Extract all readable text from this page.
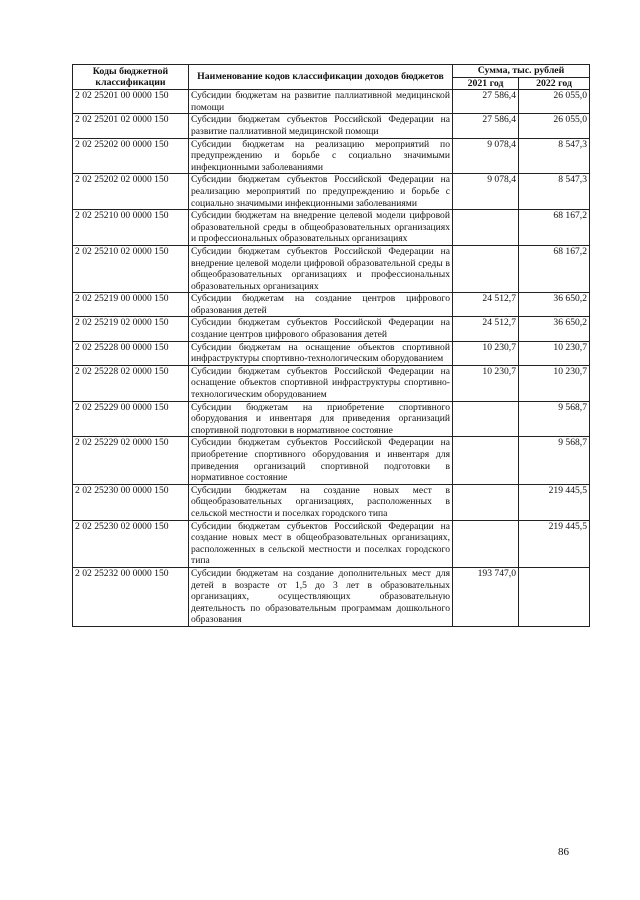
Коды бюджетной классификации	Наименование кодов классификации доходов бюджетов	Сумма, тыс. рублей	
		2021 год	2022 год
2 02 25201 00 0000 150	Субсидии бюджетам на развитие паллиативной медицинской помощи	27 586,4	26 055,0
2 02 25201 02 0000 150	Субсидии бюджетам субъектов Российской Федерации на развитие паллиативной медицинской помощи	27 586,4	26 055,0
2 02 25202 00 0000 150	Субсидии бюджетам на реализацию мероприятий по предупреждению и борьбе с социально значимыми инфекционными заболеваниями	9 078,4	8 547,3
2 02 25202 02 0000 150	Субсидии бюджетам субъектов Российской Федерации на реализацию мероприятий по предупреждению и борьбе с социально значимыми инфекционными заболеваниями	9 078,4	8 547,3
2 02 25210 00 0000 150	Субсидии бюджетам на внедрение целевой модели цифровой образовательной среды в общеобразовательных организациях и профессиональных образовательных организациях		68 167,2
2 02 25210 02 0000 150	Субсидии бюджетам субъектов Российской Федерации на внедрение целевой модели цифровой образовательной среды в общеобразовательных организациях и профессиональных образовательных организациях		68 167,2
2 02 25219 00 0000 150	Субсидии бюджетам на создание центров цифрового образования детей	24 512,7	36 650,2
2 02 25219 02 0000 150	Субсидии бюджетам субъектов Российской Федерации на создание центров цифрового образования детей	24 512,7	36 650,2
2 02 25228 00 0000 150	Субсидии бюджетам на оснащение объектов спортивной инфраструктуры спортивно-технологическим оборудованием	10 230,7	10 230,7
2 02 25228 02 0000 150	Субсидии бюджетам субъектов Российской Федерации на оснащение объектов спортивной инфраструктуры спортивно-технологическим оборудованием	10 230,7	10 230,7
2 02 25229 00 0000 150	Субсидии бюджетам на приобретение спортивного оборудования и инвентаря для приведения организаций спортивной подготовки в нормативное состояние		9 568,7
2 02 25229 02 0000 150	Субсидии бюджетам субъектов Российской Федерации на приобретение спортивного оборудования и инвентаря для приведения организаций спортивной подготовки в нормативное состояние		9 568,7
2 02 25230 00 0000 150	Субсидии бюджетам на создание новых мест в общеобразовательных организациях, расположенных в сельской местности и поселках городского типа		219 445,5
2 02 25230 02 0000 150	Субсидии бюджетам субъектов Российской Федерации на создание новых мест в общеобразовательных организациях, расположенных в сельской местности и поселках городского типа		219 445,5
2 02 25232 00 0000 150	Субсидии бюджетам на создание дополнительных мест для детей в возрасте от 1,5 до 3 лет в образовательных организациях, осуществляющих образовательную деятельность по образовательным программам дошкольного образования	193 747,0	
86
